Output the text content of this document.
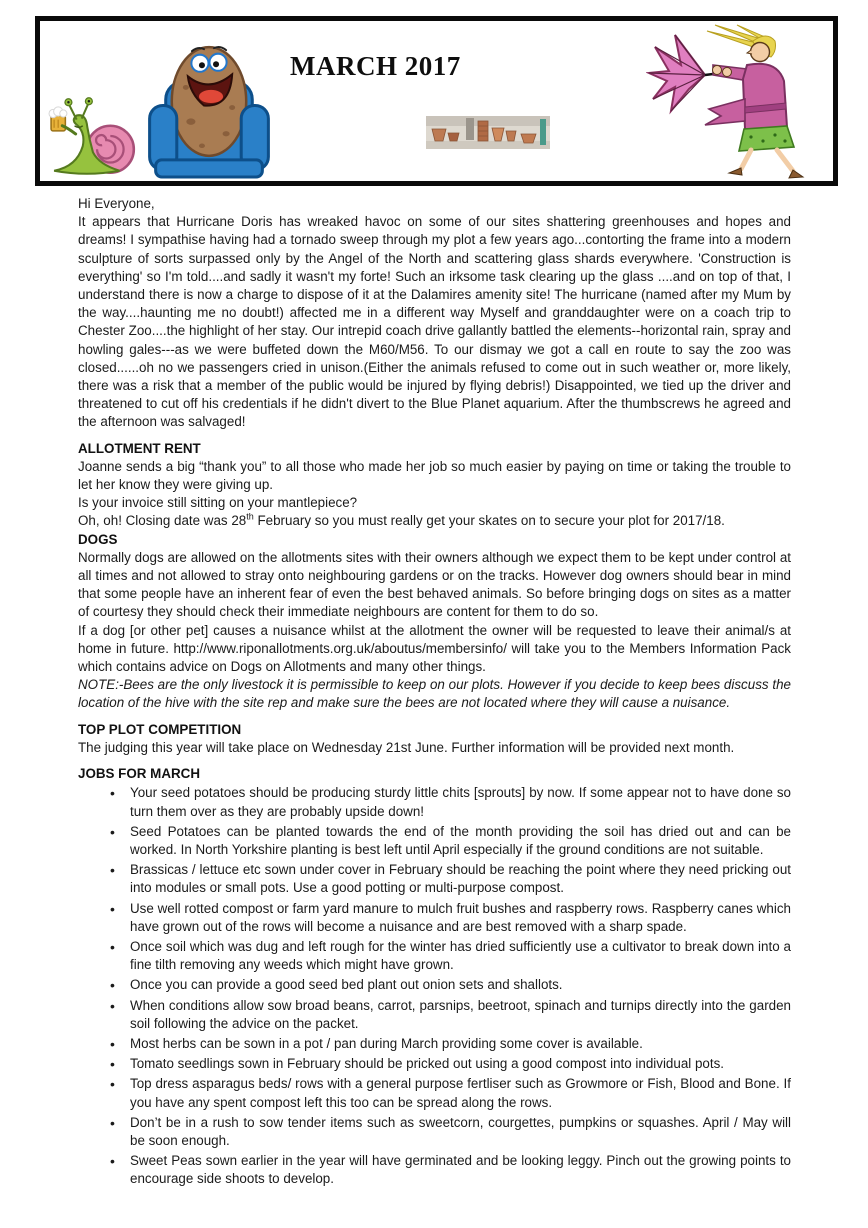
MARCH 2017

Hi Everyone,

It appears that Hurricane Doris has wreaked havoc on some of our sites shattering greenhouses and hopes and dreams! I sympathise having had a tornado sweep through my plot a few years ago...contorting the frame into a modern sculpture of sorts surpassed only by the Angel of the North and scattering glass shards everywhere. 'Construction is everything' so I'm told....and sadly it wasn't my forte! Such an irksome task clearing up the glass ....and on top of that, I understand there is now a charge to dispose of it at the Dalamires amenity site! The hurricane (named after my Mum by the way....haunting me no doubt!) affected me in a different way Myself and granddaughter were on a coach trip to Chester Zoo....the highlight of her stay. Our intrepid coach drive gallantly battled the elements--horizontal rain, spray and howling gales---as we were buffeted down the M60/M56. To our dismay we got a call en route to say the zoo was closed......oh no we passengers cried in unison.(Either the animals refused to come out in such weather or, more likely, there was a risk that a member of the public would be injured by flying debris!) Disappointed, we tied up the driver and threatened to cut off his credentials if he didn't divert to the Blue Planet aquarium. After the thumbscrews he agreed and the afternoon was salvaged!

ALLOTMENT RENT

Joanne sends a big “thank you” to all those who made her job so much easier by paying on time or taking the trouble to let her know they were giving up.

Is your invoice still sitting on your mantlepiece?

Oh, oh! Closing date was 28th February so you must really get your skates on to secure your plot for 2017/18.

DOGS

Normally dogs are allowed on the allotments sites with their owners although we expect them to be kept under control at all times and not allowed to stray onto neighbouring gardens or on the tracks. However dog owners should bear in mind that some people have an inherent fear of even the best behaved animals. So before bringing dogs on sites as a matter of courtesy they should check their immediate neighbours are content for them to do so.

If a dog [or other pet] causes a nuisance whilst at the allotment the owner will be requested to leave their animal/s at home in future. http://www.riponallotments.org.uk/aboutus/membersinfo/ will take you to the Members Information Pack which contains advice on Dogs on Allotments and many other things.

NOTE:-Bees are the only livestock it is permissible to keep on our plots. However if you decide to keep bees discuss the location of the hive with the site rep and make sure the bees are not located where they will cause a nuisance.

TOP PLOT COMPETITION

The judging this year will take place on Wednesday 21st June. Further information will be provided next month.

JOBS FOR MARCH
• Your seed potatoes should be producing sturdy little chits [sprouts] by now. If some appear not to have done so turn them over as they are probably upside down!
• Seed Potatoes can be planted towards the end of the month providing the soil has dried out and can be worked. In North Yorkshire planting is best left until April especially if the ground conditions are not suitable.
• Brassicas / lettuce etc sown under cover in February should be reaching the point where they need pricking out into modules or small pots. Use a good potting or multi-purpose compost.
• Use well rotted compost or farm yard manure to mulch fruit bushes and raspberry rows. Raspberry canes which have grown out of the rows will become a nuisance and are best removed with a sharp spade.
• Once soil which was dug and left rough for the winter has dried sufficiently use a cultivator to break down into a fine tilth removing any weeds which might have grown.
• Once you can provide a good seed bed plant out onion sets and shallots.
• When conditions allow sow broad beans, carrot, parsnips, beetroot, spinach and turnips directly into the garden soil following the advice on the packet.
• Most herbs can be sown in a pot / pan during March providing some cover is available.
• Tomato seedlings sown in February should be pricked out using a good compost into individual pots.
• Top dress asparagus beds/ rows with a general purpose fertliser such as Growmore or Fish, Blood and Bone. If you have any spent compost left this too can be spread along the rows.
• Don’t be in a rush to sow tender items such as sweetcorn, courgettes, pumpkins or squashes. April / May will be soon enough.
• Sweet Peas sown earlier in the year will have germinated and be looking leggy. Pinch out the growing points to encourage side shoots to develop.
